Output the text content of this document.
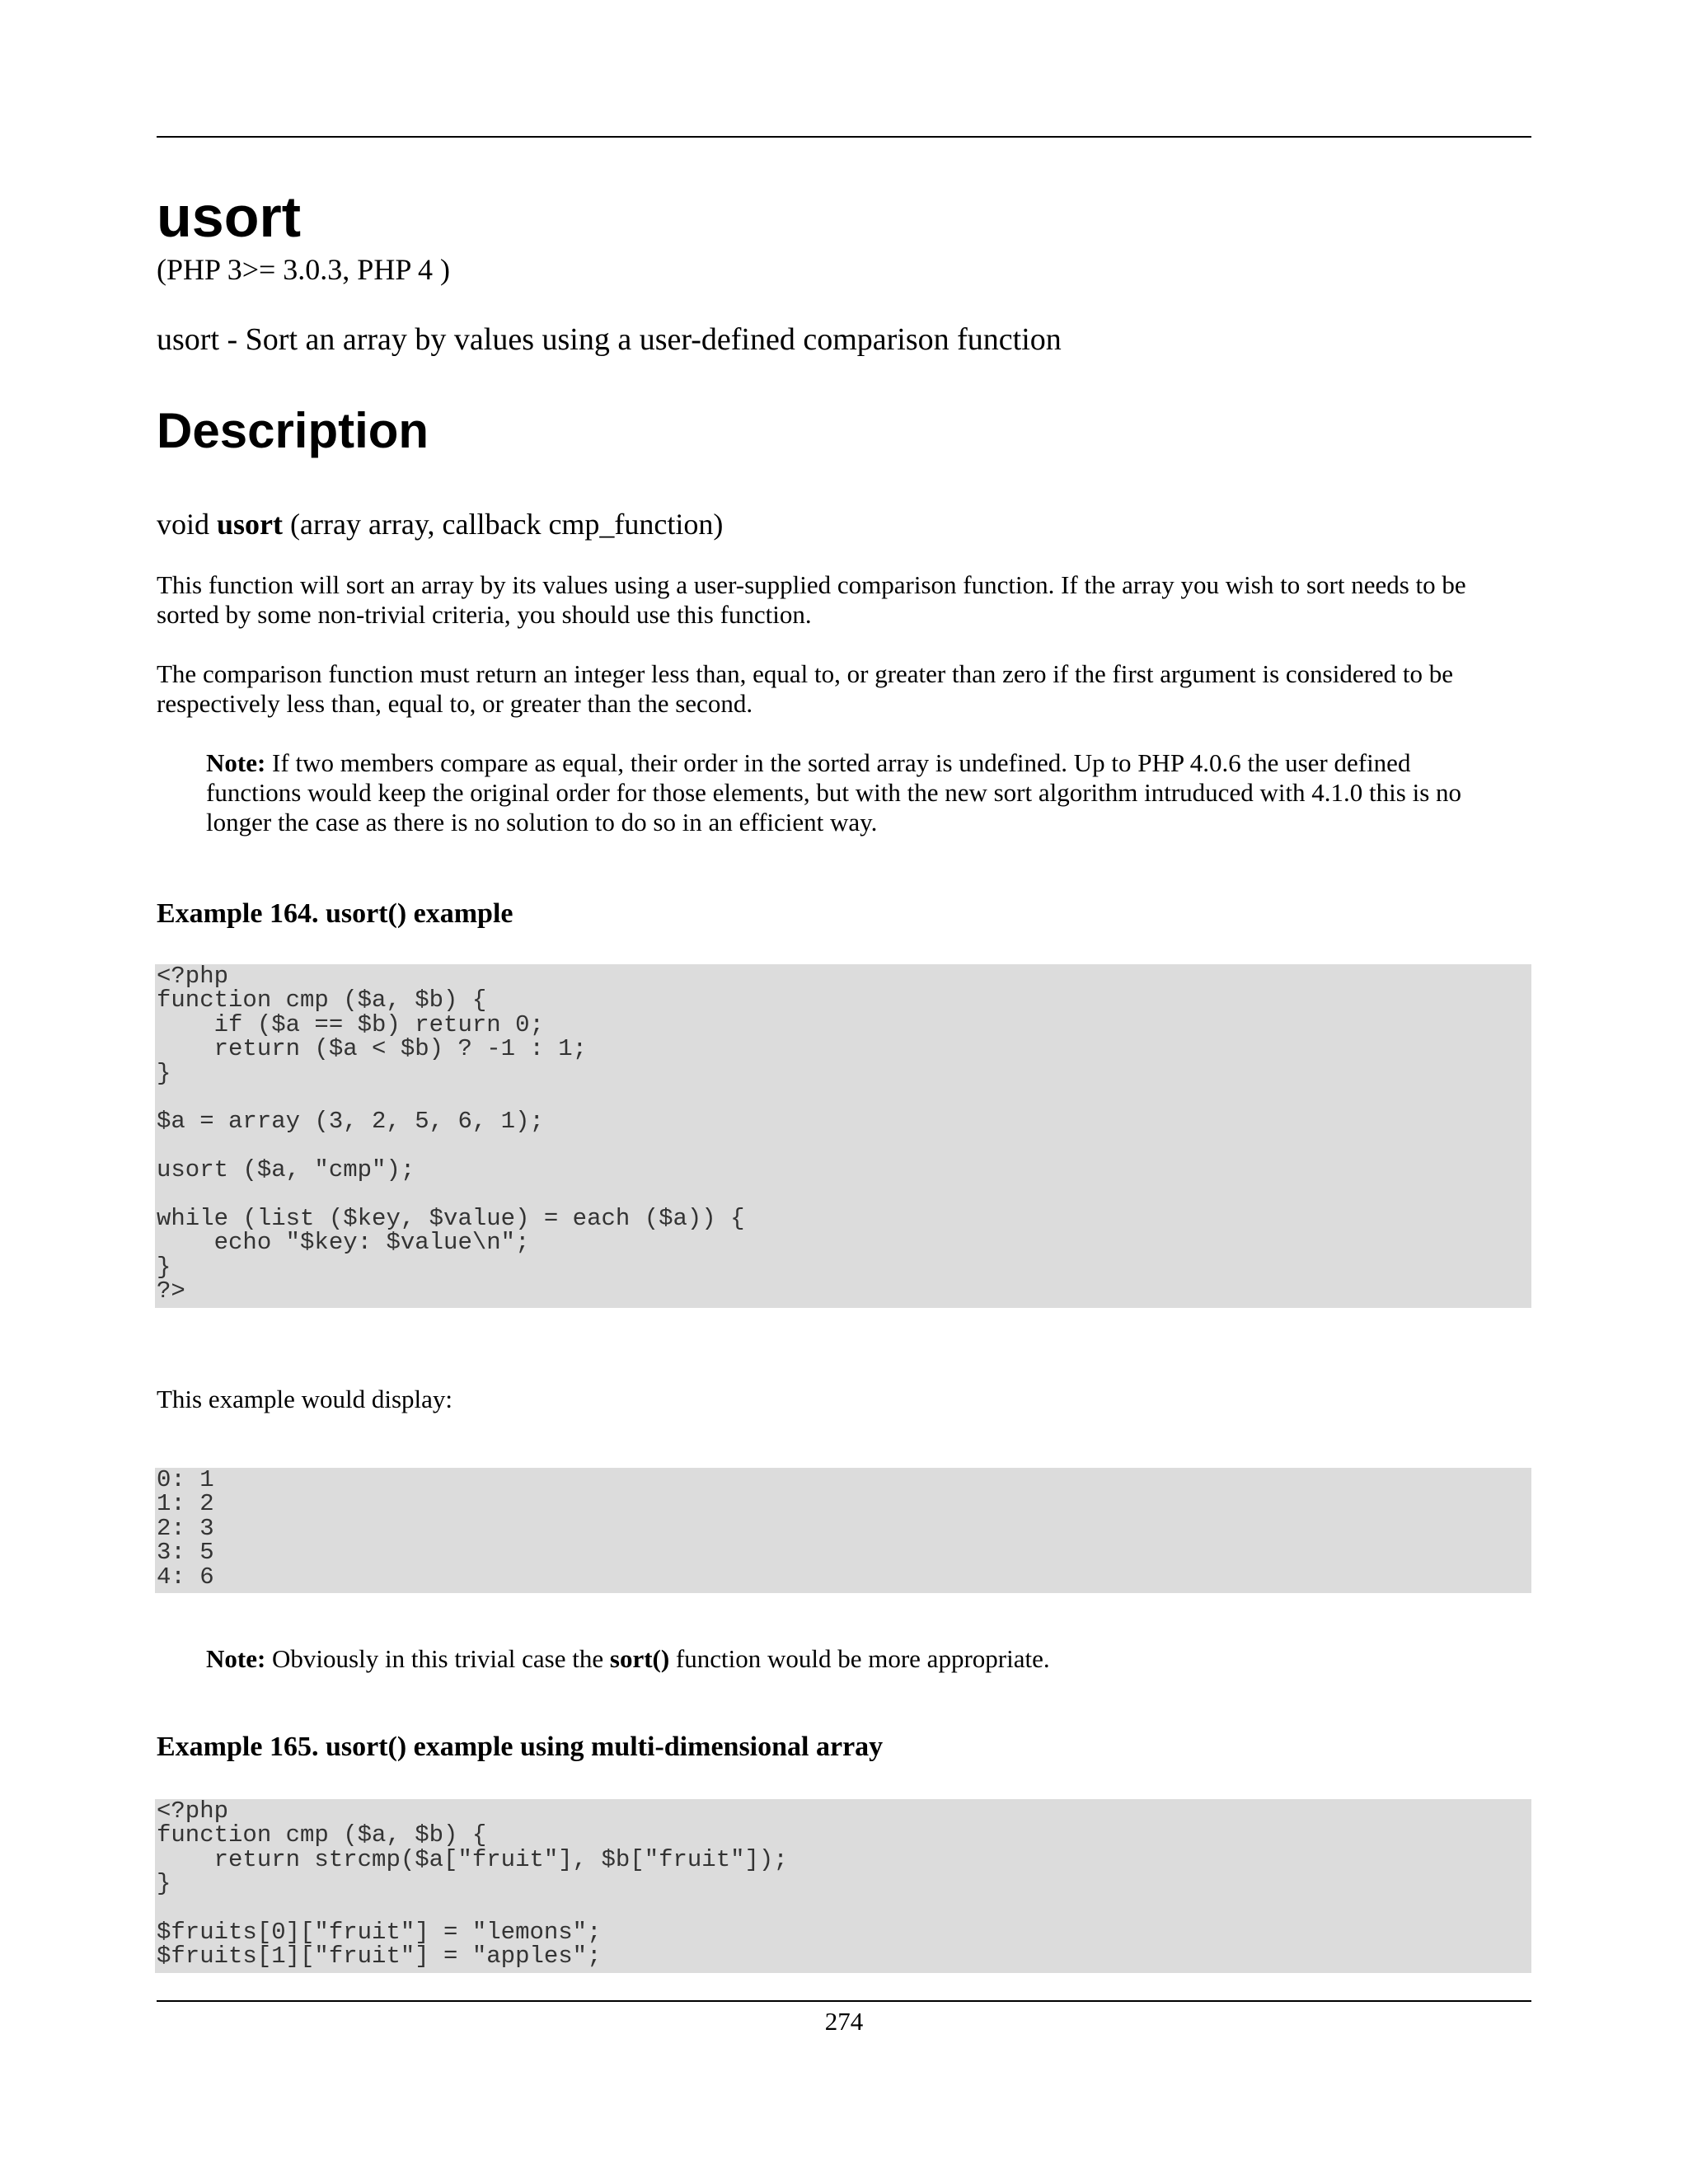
usort
(PHP 3>= 3.0.3, PHP 4 )
usort - Sort an array by values using a user-defined comparison function
Description
void usort (array array, callback cmp_function)
This function will sort an array by its values using a user-supplied comparison function. If the array you wish to sort needs to be sorted by some non-trivial criteria, you should use this function.
The comparison function must return an integer less than, equal to, or greater than zero if the first argument is considered to be respectively less than, equal to, or greater than the second.
Note: If two members compare as equal, their order in the sorted array is undefined. Up to PHP 4.0.6 the user defined functions would keep the original order for those elements, but with the new sort algorithm intruduced with 4.1.0 this is no longer the case as there is no solution to do so in an efficient way.
Example 164. usort() example
<?php
function cmp ($a, $b) {
if ($a == $b) return 0;
return ($a < $b) ? -1 : 1;
}

$a = array (3, 2, 5, 6, 1);

usort ($a, "cmp");

while (list ($key, $value) = each ($a)) {
echo "$key: $value\n";
}
?>
This example would display:
0: 1
1: 2
2: 3
3: 5
4: 6
Note: Obviously in this trivial case the sort() function would be more appropriate.
Example 165. usort() example using multi-dimensional array
<?php
function cmp ($a, $b) {
return strcmp($a["fruit"], $b["fruit"]);
}

$fruits[0]["fruit"] = "lemons";
$fruits[1]["fruit"] = "apples";
274
